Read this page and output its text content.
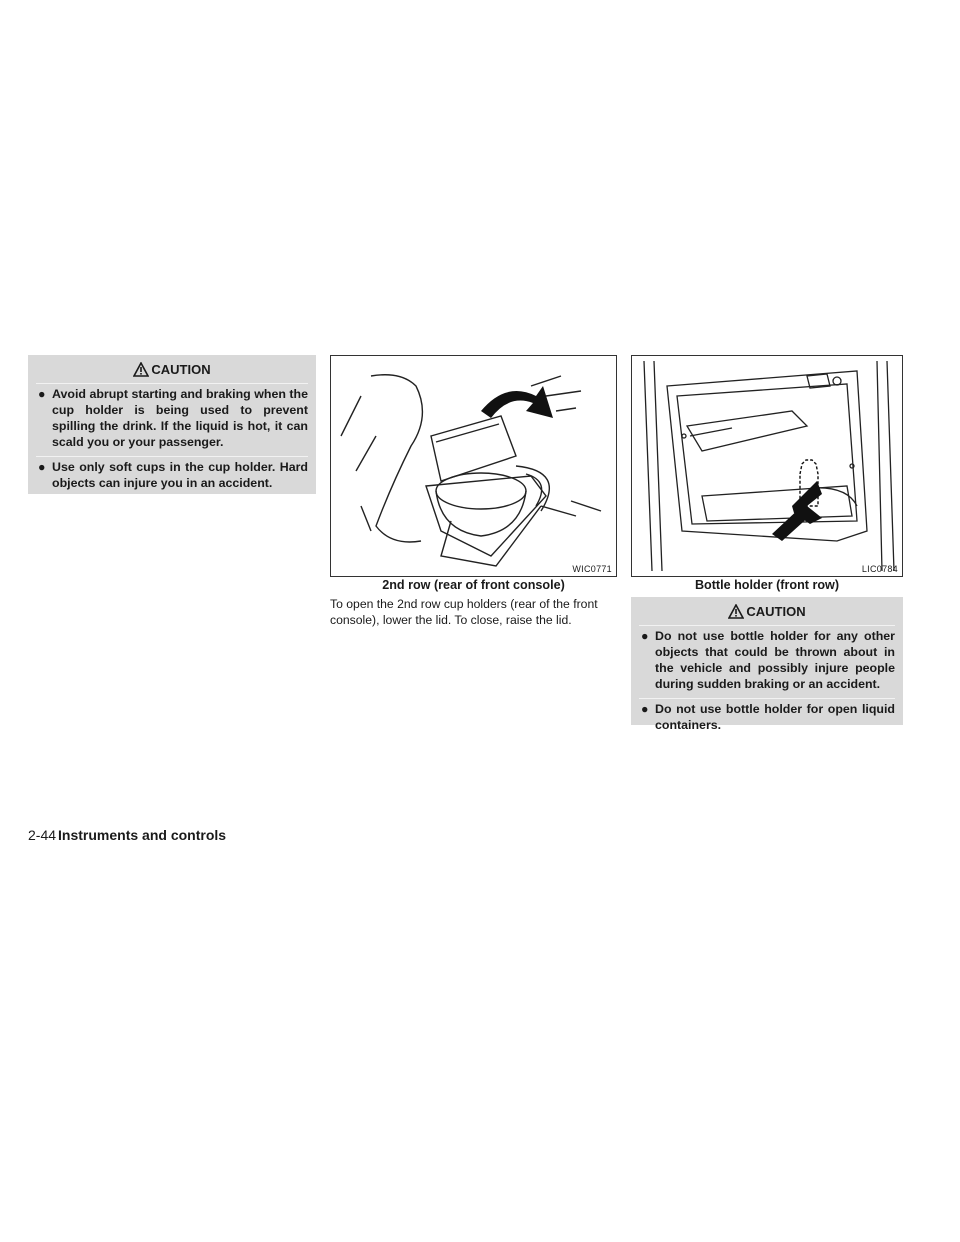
CAUTION
● Avoid abrupt starting and braking when the cup holder is being used to prevent spilling the drink. If the liquid is hot, it can scald you or your passenger.
● Use only soft cups in the cup holder. Hard objects can injure you in an accident.
WIC0771
2nd row (rear of front console)
To open the 2nd row cup holders (rear of the front console), lower the lid. To close, raise the lid.
LIC0784
Bottle holder (front row)
CAUTION
● Do not use bottle holder for any other objects that could be thrown about in the vehicle and possibly injure people during sudden braking or an accident.
● Do not use bottle holder for open liquid containers.
2-44 Instruments and controls
